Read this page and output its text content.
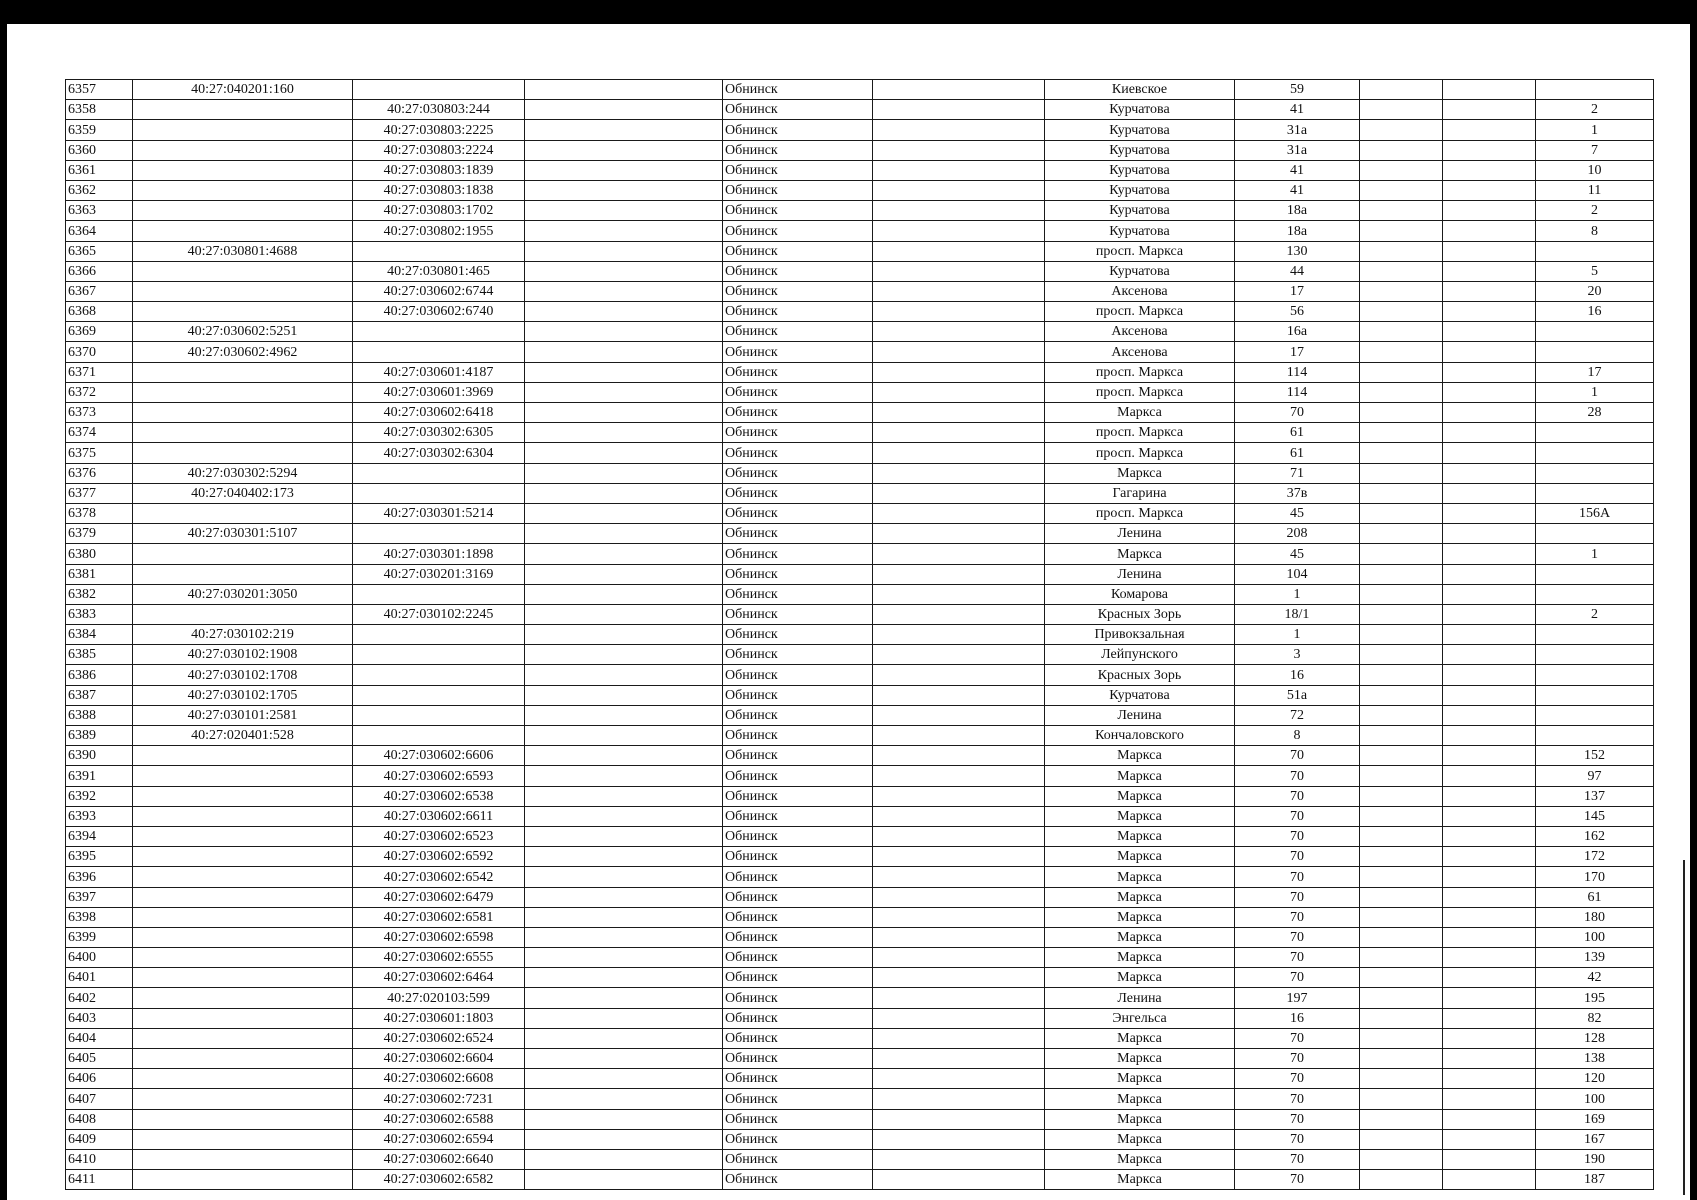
6357	40:27:040201:160			Обнинск		Киевское	59			
6358		40:27:030803:244		Обнинск		Курчатова	41			2
6359		40:27:030803:2225		Обнинск		Курчатова	31а			1
6360		40:27:030803:2224		Обнинск		Курчатова	31а			7
6361		40:27:030803:1839		Обнинск		Курчатова	41			10
6362		40:27:030803:1838		Обнинск		Курчатова	41			11
6363		40:27:030803:1702		Обнинск		Курчатова	18а			2
6364		40:27:030802:1955		Обнинск		Курчатова	18а			8
6365	40:27:030801:4688			Обнинск		просп. Маркса	130			
6366		40:27:030801:465		Обнинск		Курчатова	44			5
6367		40:27:030602:6744		Обнинск		Аксенова	17			20
6368		40:27:030602:6740		Обнинск		просп. Маркса	56			16
6369	40:27:030602:5251			Обнинск		Аксенова	16а			
6370	40:27:030602:4962			Обнинск		Аксенова	17			
6371		40:27:030601:4187		Обнинск		просп. Маркса	114			17
6372		40:27:030601:3969		Обнинск		просп. Маркса	114			1
6373		40:27:030602:6418		Обнинск		Маркса	70			28
6374		40:27:030302:6305		Обнинск		просп. Маркса	61			
6375		40:27:030302:6304		Обнинск		просп. Маркса	61			
6376	40:27:030302:5294			Обнинск		Маркса	71			
6377	40:27:040402:173			Обнинск		Гагарина	37в			
6378		40:27:030301:5214		Обнинск		просп. Маркса	45			156А
6379	40:27:030301:5107			Обнинск		Ленина	208			
6380		40:27:030301:1898		Обнинск		Маркса	45			1
6381		40:27:030201:3169		Обнинск		Ленина	104			
6382	40:27:030201:3050			Обнинск		Комарова	1			
6383		40:27:030102:2245		Обнинск		Красных Зорь	18/1			2
6384	40:27:030102:219			Обнинск		Привокзальная	1			
6385	40:27:030102:1908			Обнинск		Лейпунского	3			
6386	40:27:030102:1708			Обнинск		Красных Зорь	16			
6387	40:27:030102:1705			Обнинск		Курчатова	51а			
6388	40:27:030101:2581			Обнинск		Ленина	72			
6389	40:27:020401:528			Обнинск		Кончаловского	8			
6390		40:27:030602:6606		Обнинск		Маркса	70			152
6391		40:27:030602:6593		Обнинск		Маркса	70			97
6392		40:27:030602:6538		Обнинск		Маркса	70			137
6393		40:27:030602:6611		Обнинск		Маркса	70			145
6394		40:27:030602:6523		Обнинск		Маркса	70			162
6395		40:27:030602:6592		Обнинск		Маркса	70			172
6396		40:27:030602:6542		Обнинск		Маркса	70			170
6397		40:27:030602:6479		Обнинск		Маркса	70			61
6398		40:27:030602:6581		Обнинск		Маркса	70			180
6399		40:27:030602:6598		Обнинск		Маркса	70			100
6400		40:27:030602:6555		Обнинск		Маркса	70			139
6401		40:27:030602:6464		Обнинск		Маркса	70			42
6402		40:27:020103:599		Обнинск		Ленина	197			195
6403		40:27:030601:1803		Обнинск		Энгельса	16			82
6404		40:27:030602:6524		Обнинск		Маркса	70			128
6405		40:27:030602:6604		Обнинск		Маркса	70			138
6406		40:27:030602:6608		Обнинск		Маркса	70			120
6407		40:27:030602:7231		Обнинск		Маркса	70			100
6408		40:27:030602:6588		Обнинск		Маркса	70			169
6409		40:27:030602:6594		Обнинск		Маркса	70			167
6410		40:27:030602:6640		Обнинск		Маркса	70			190
6411		40:27:030602:6582		Обнинск		Маркса	70			187
